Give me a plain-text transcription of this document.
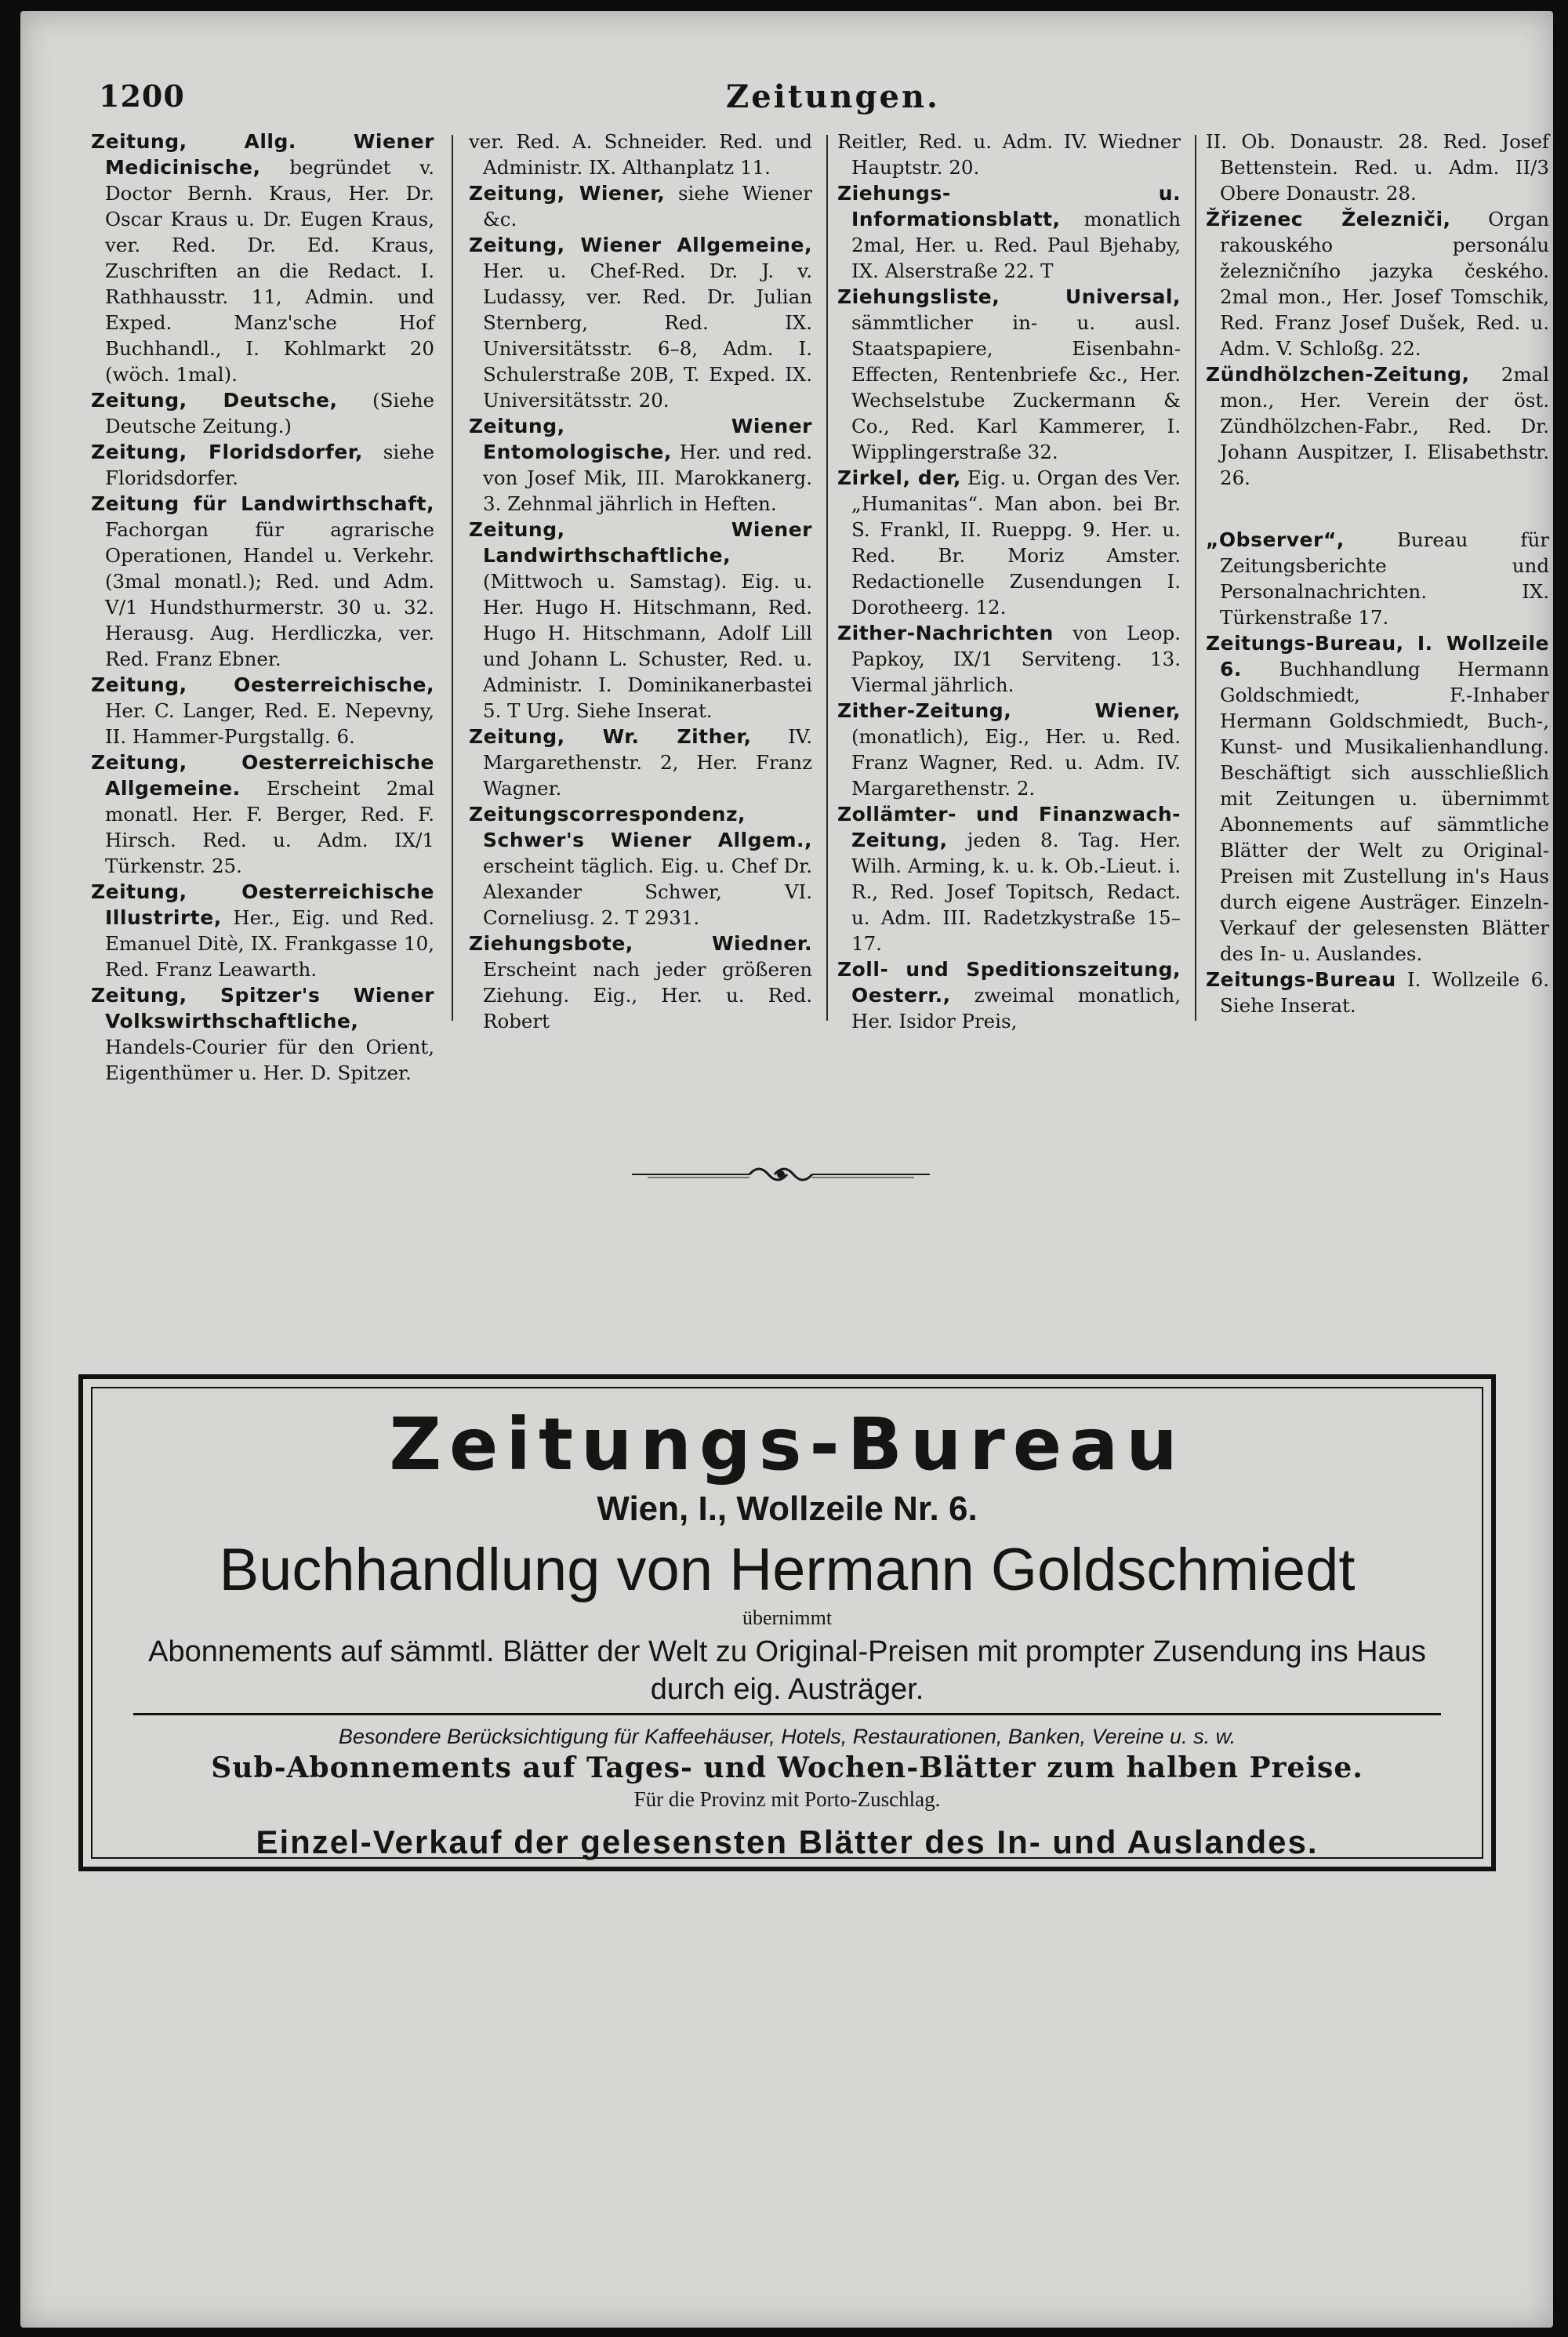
1200	Zeitungen.
Zeitung, Allg. Wiener Medicinische, begründet v. Doctor Bernh. Kraus, Her. Dr. Oscar Kraus u. Dr. Eugen Kraus, ver. Red. Dr. Ed. Kraus, Zuschriften an die Redact. I. Rathhausstr. 11, Admin. und Exped. Manz'sche Hof Buchhandl., I. Kohlmarkt 20 (wöch. 1mal).
Zeitung, Deutsche, (Siehe Deutsche Zeitung.)
Zeitung, Floridsdorfer, siehe Floridsdorfer.
Zeitung für Landwirthschaft, Fachorgan für agrarische Operationen, Handel u. Verkehr. (3mal monatl.); Red. und Adm. V/1 Hundsthurmerstr. 30 u. 32. Herausg. Aug. Herdliczka, ver. Red. Franz Ebner.
Zeitung, Oesterreichische, Her. C. Langer, Red. E. Nepevny, II. Hammer-Purgstallg. 6.
Zeitung, Oesterreichische Allgemeine. Erscheint 2mal monatl. Her. F. Berger, Red. F. Hirsch. Red. u. Adm. IX/1 Türkenstr. 25.
Zeitung, Oesterreichische Illustrirte, Her., Eig. und Red. Emanuel Ditè, IX. Frankgasse 10, Red. Franz Leawarth.
Zeitung, Spitzer's Wiener Volkswirthschaftliche, Handels-Courier für den Orient, Eigenthümer u. Her. D. Spitzer.
ver. Red. A. Schneider. Red. und Administr. IX. Althanplatz 11.
Zeitung, Wiener, siehe Wiener &c.
Zeitung, Wiener Allgemeine, Her. u. Chef-Red. Dr. J. v. Ludassy, ver. Red. Dr. Julian Sternberg, Red. IX. Universitätsstr. 6–8, Adm. I. Schulerstraße 20B, T. Exped. IX. Universitätsstr. 20.
Zeitung, Wiener Entomologische, Her. und red. von Josef Mik, III. Marokkanerg. 3. Zehnmal jährlich in Heften.
Zeitung, Wiener Landwirthschaftliche, (Mittwoch u. Samstag). Eig. u. Her. Hugo H. Hitschmann, Red. Hugo H. Hitschmann, Adolf Lill und Johann L. Schuster, Red. u. Administr. I. Dominikanerbastei 5. T Urg. Siehe Inserat.
Zeitung, Wr. Zither, IV. Margarethenstr. 2, Her. Franz Wagner.
Zeitungscorrespondenz, Schwer's Wiener Allgem., erscheint täglich. Eig. u. Chef Dr. Alexander Schwer, VI. Corneliusg. 2. T 2931.
Ziehungsbote, Wiedner. Erscheint nach jeder größeren Ziehung. Eig., Her. u. Red. Robert
Reitler, Red. u. Adm. IV. Wiedner Hauptstr. 20.
Ziehungs- u. Informationsblatt, monatlich 2mal, Her. u. Red. Paul Bjehaby, IX. Alserstraße 22. T
Ziehungsliste, Universal, sämmtlicher in- u. ausl. Staatspapiere, Eisenbahn-Effecten, Rentenbriefe &c., Her. Wechselstube Zuckermann & Co., Red. Karl Kammerer, I. Wipplingerstraße 32.
Zirkel, der, Eig. u. Organ des Ver. „Humanitas“. Man abon. bei Br. S. Frankl, II. Rueppg. 9. Her. u. Red. Br. Moriz Amster. Redactionelle Zusendungen I. Dorotheerg. 12.
Zither-Nachrichten von Leop. Papkoy, IX/1 Serviteng. 13. Viermal jährlich.
Zither-Zeitung, Wiener, (monatlich), Eig., Her. u. Red. Franz Wagner, Red. u. Adm. IV. Margarethenstr. 2.
Zollämter- und Finanzwach-Zeitung, jeden 8. Tag. Her. Wilh. Arming, k. u. k. Ob.-Lieut. i. R., Red. Josef Topitsch, Redact. u. Adm. III. Radetzkystraße 15–17.
Zoll- und Speditionszeitung, Oesterr., zweimal monatlich, Her. Isidor Preis,
II. Ob. Donaustr. 28. Red. Josef Bettenstein. Red. u. Adm. II/3 Obere Donaustr. 28.
Žřizenec Železniči, Organ rakouského personálu železničního jazyka českého. 2mal mon., Her. Josef Tomschik, Red. Franz Josef Dušek, Red. u. Adm. V. Schloßg. 22.
Zündhölzchen-Zeitung, 2mal mon., Her. Verein der öst. Zündhölzchen-Fabr., Red. Dr. Johann Auspitzer, I. Elisabethstr. 26.
„Observer“,	Bureau für Zeitungsberichte und Personalnachrichten. IX. Türkenstraße 17.
Zeitungs-Bureau, I. Wollzeile 6. Buchhandlung Hermann Goldschmiedt, F.-Inhaber Hermann Goldschmiedt, Buch-, Kunst- und Musikalienhandlung. Beschäftigt sich ausschließlich mit Zeitungen u. übernimmt Abonnements auf sämmtliche Blätter der Welt zu Original-Preisen mit Zustellung in's Haus durch eigene Austräger. Einzeln-Verkauf der gelesensten Blätter des In- u. Auslandes.
Zeitungs-Bureau I. Wollzeile 6. Siehe Inserat.
Zeitungs-Bureau
Wien, I., Wollzeile Nr. 6.
Buchhandlung von Hermann Goldschmiedt
übernimmt
Abonnements auf sämmtl. Blätter der Welt zu Original-Preisen mit prompter Zusendung ins Haus durch eig. Austräger.
Besondere Berücksichtigung für Kaffeehäuser, Hotels, Restaurationen, Banken, Vereine u. s. w.
Sub-Abonnements auf Tages- und Wochen-Blätter zum halben Preise.
Für die Provinz mit Porto-Zuschlag.
Einzel-Verkauf der gelesensten Blätter des In- und Auslandes.
